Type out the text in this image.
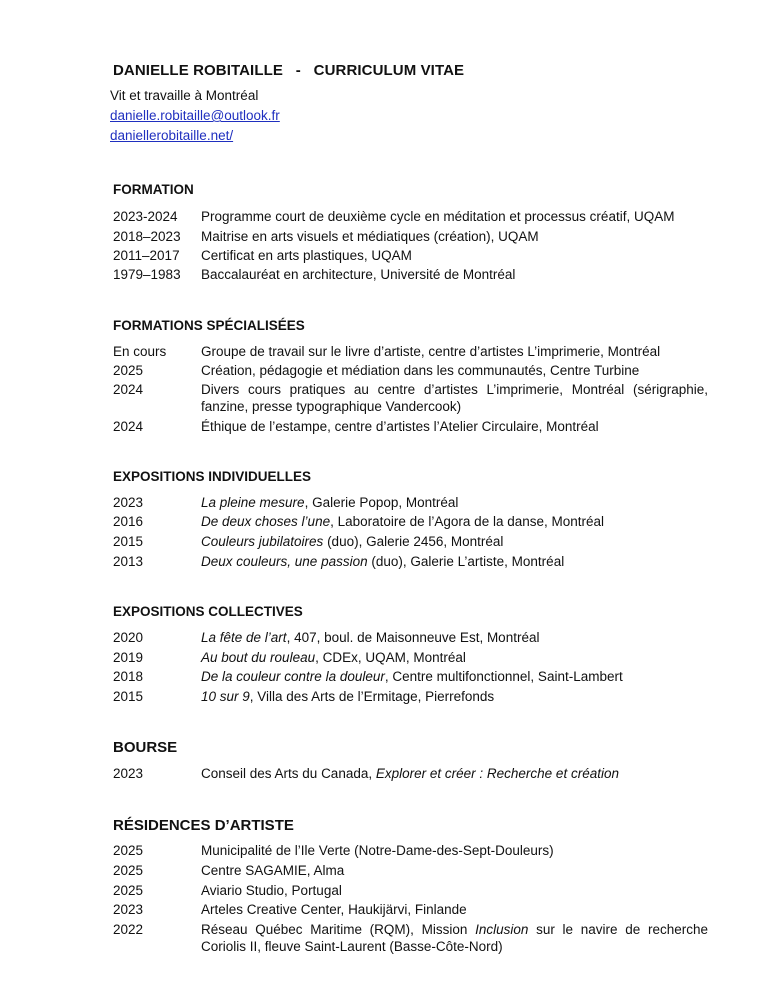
DANIELLE ROBITAILLE   -   CURRICULUM VITAE
Vit et travaille à Montréal
danielle.robitaille@outlook.fr
daniellerobitaille.net/
FORMATION
2023-2024 Programme court de deuxième cycle en méditation et processus créatif, UQAM
2018–2023 Maitrise en arts visuels et médiatiques (création), UQAM
2011–2017 Certificat en arts plastiques, UQAM
1979–1983 Baccalauréat en architecture, Université de Montréal
FORMATIONS SPÉCIALISÉES
En cours	Groupe de travail sur le livre d’artiste, centre d’artistes L’imprimerie, Montréal
2025	Création, pédagogie et médiation dans les communautés, Centre Turbine
2024	Divers cours pratiques au centre d’artistes L’imprimerie, Montréal (sérigraphie, fanzine, presse typographique Vandercook)
2024	Éthique de l’estampe, centre d’artistes l’Atelier Circulaire, Montréal
EXPOSITIONS INDIVIDUELLES
2023	La pleine mesure, Galerie Popop, Montréal
2016	De deux choses l’une, Laboratoire de l’Agora de la danse, Montréal
2015	Couleurs jubilatoires (duo), Galerie 2456, Montréal
2013	Deux couleurs, une passion (duo), Galerie L’artiste, Montréal
EXPOSITIONS COLLECTIVES
2020	La fête de l’art, 407, boul. de Maisonneuve Est, Montréal
2019	Au bout du rouleau, CDEx, UQAM, Montréal
2018	De la couleur contre la douleur, Centre multifonctionnel, Saint-Lambert
2015	10 sur 9, Villa des Arts de l’Ermitage, Pierrefonds
BOURSE
2023	Conseil des Arts du Canada, Explorer et créer : Recherche et création
RÉSIDENCES D’ARTISTE
2025	Municipalité de l’Ile Verte (Notre-Dame-des-Sept-Douleurs)
2025	Centre SAGAMIE, Alma
2025	Aviario Studio, Portugal
2023	Arteles Creative Center, Haukijärvi, Finlande
2022	Réseau Québec Maritime (RQM), Mission Inclusion sur le navire de recherche Coriolis II, fleuve Saint-Laurent (Basse-Côte-Nord)
